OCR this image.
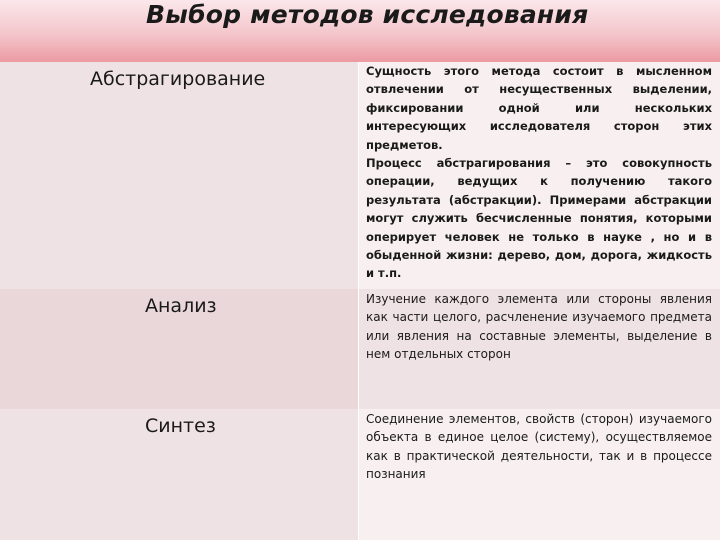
Выбор методов исследования
Абстрагирование	Сущность этого метода состоит в мысленном отвлечении от несущественных выделении, фиксировании одной или нескольких интересующих исследователя сторон этих предметов.

Процесс абстрагирования – это совокупность операции, ведущих к получению такого результата (абстракции). Примерами абстракции могут служить бесчисленные понятия, которыми оперирует человек не только в науке , но и в обыденной жизни: дерево, дом, дорога, жидкость и т.п.

Анализ	Изучение каждого элемента или стороны явления как части целого, расчленение изучаемого предмета или явления на составные элементы, выделение в нем отдельных сторон

Синтез	Соединение элементов, свойств (сторон) изучаемого объекта в единое целое (систему), осуществляемое как в практической деятельности, так и в процессе познания
